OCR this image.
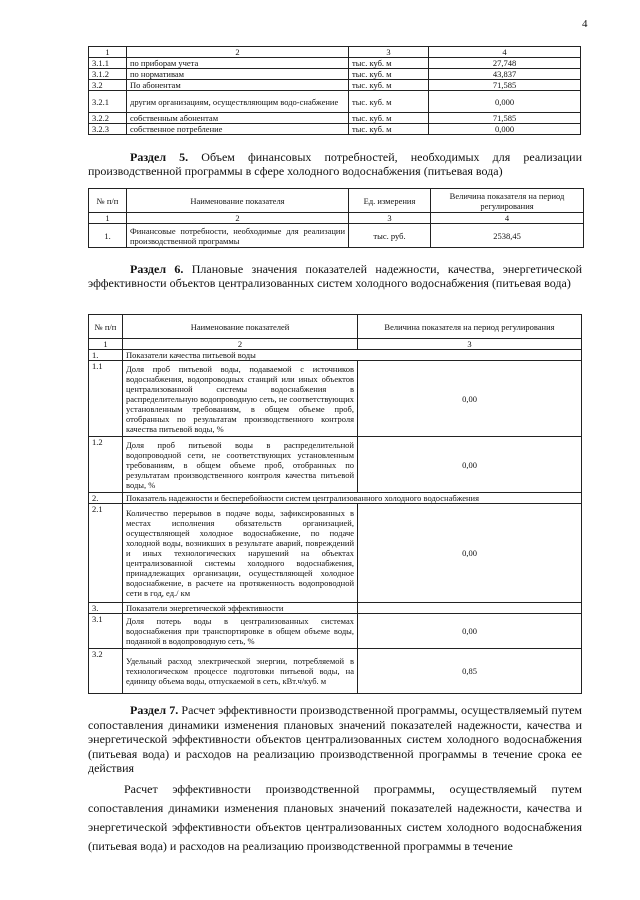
4
1	2	3	4
3.1.1	по приборам учета	тыс. куб. м	27,748
3.1.2	по нормативам	тыс. куб. м	43,837
3.2	По абонентам	тыс. куб. м	71,585
3.2.1	другим организациям, осуществляющим водо-снабжение	тыс. куб. м	0,000
3.2.2	собственным абонентам	тыс. куб. м	71,585
3.2.3	собственное потребление	тыс. куб. м	0,000
Раздел 5. Объем финансовых потребностей, необходимых для реализации производственной программы в сфере холодного водоснабжения (питьевая вода)
№ п/п	Наименование показателя	Ед. измерения	Величина показателя на период регулирования
1	2	3	4
1.	Финансовые потребности, необходимые для реализации производственной программы	тыс. руб.	2538,45
Раздел 6. Плановые значения показателей надежности, качества, энергетической эффективности объектов централизованных систем холодного водоснабжения (питьевая вода)
№ п/п	Наименование показателей	Величина показателя на период регулирования
1	2	3
1.	Показатели качества питьевой воды	
1.1	Доля проб питьевой воды, подаваемой с источников водоснабжения, водопроводных станций или иных объектов централизованной системы водоснабжения в распределительную водопроводную сеть, не соответствующих установленным требованиям, в общем объеме проб, отобранных по результатам производственного контроля качества питьевой воды, %	0,00
1.2	Доля проб питьевой воды в распределительной водопроводной сети, не соответствующих установленным требованиям, в общем объеме проб, отобранных по результатам производственного контроля качества питьевой воды, %	0,00
2.	Показатель надежности и бесперебойности систем централизованного холодного водоснабжения	
2.1	Количество перерывов в подаче воды, зафиксированных в местах исполнения обязательств организацией, осуществляющей холодное водоснабжение, по подаче холодной воды, возникших в результате аварий, повреждений и иных технологических нарушений на объектах централизованной системы холодного водоснабжения, принадлежащих организации, осуществляющей холодное водоснабжение, в расчете на протяженность водопроводной сети в год, ед./ км	0,00
3.	Показатели энергетической эффективности	
3.1	Доля потерь воды в централизованных системах водоснабжения при транспортировке в общем объеме воды, поданной в водопроводную сеть, %	0,00
3.2	Удельный расход электрической энергии, потребляемой в технологическом процессе подготовки питьевой воды, на единицу объема воды, отпускаемой в сеть, кВт.ч/куб. м	0,85
Раздел 7. Расчет эффективности производственной программы, осуществляемый путем сопоставления динамики изменения плановых значений показателей надежности, качества и энергетической эффективности объектов централизованных систем холодного водоснабжения (питьевая вода) и расходов на реализацию производственной программы в течение срока ее действия
Расчет эффективности производственной программы, осуществляемый путем сопоставления динамики изменения плановых значений показателей надежности, качества и энергетической эффективности объектов централизованных систем холодного водоснабжения (питьевая вода) и расходов на реализацию производственной программы в течение
